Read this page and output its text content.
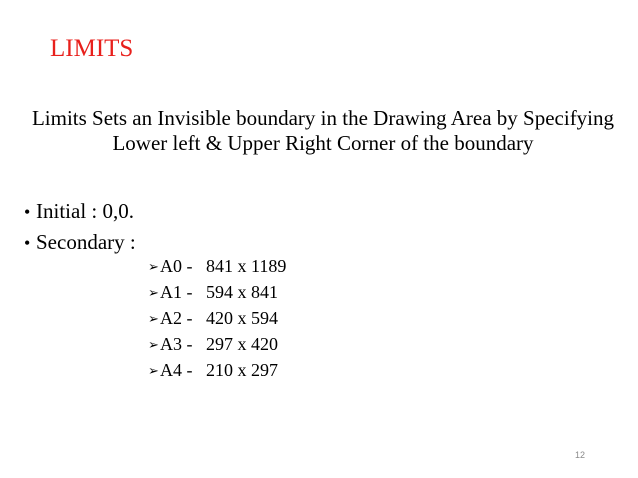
LIMITS
Limits Sets an Invisible boundary in the Drawing Area by Specifying Lower left & Upper Right Corner of the boundary
• Initial : 0,0.
• Secondary :
➢ A0 - 841 x 1189
➢ A1 - 594 x 841
➢ A2 - 420 x 594
➢ A3 - 297 x 420
➢ A4 - 210 x 297
12
